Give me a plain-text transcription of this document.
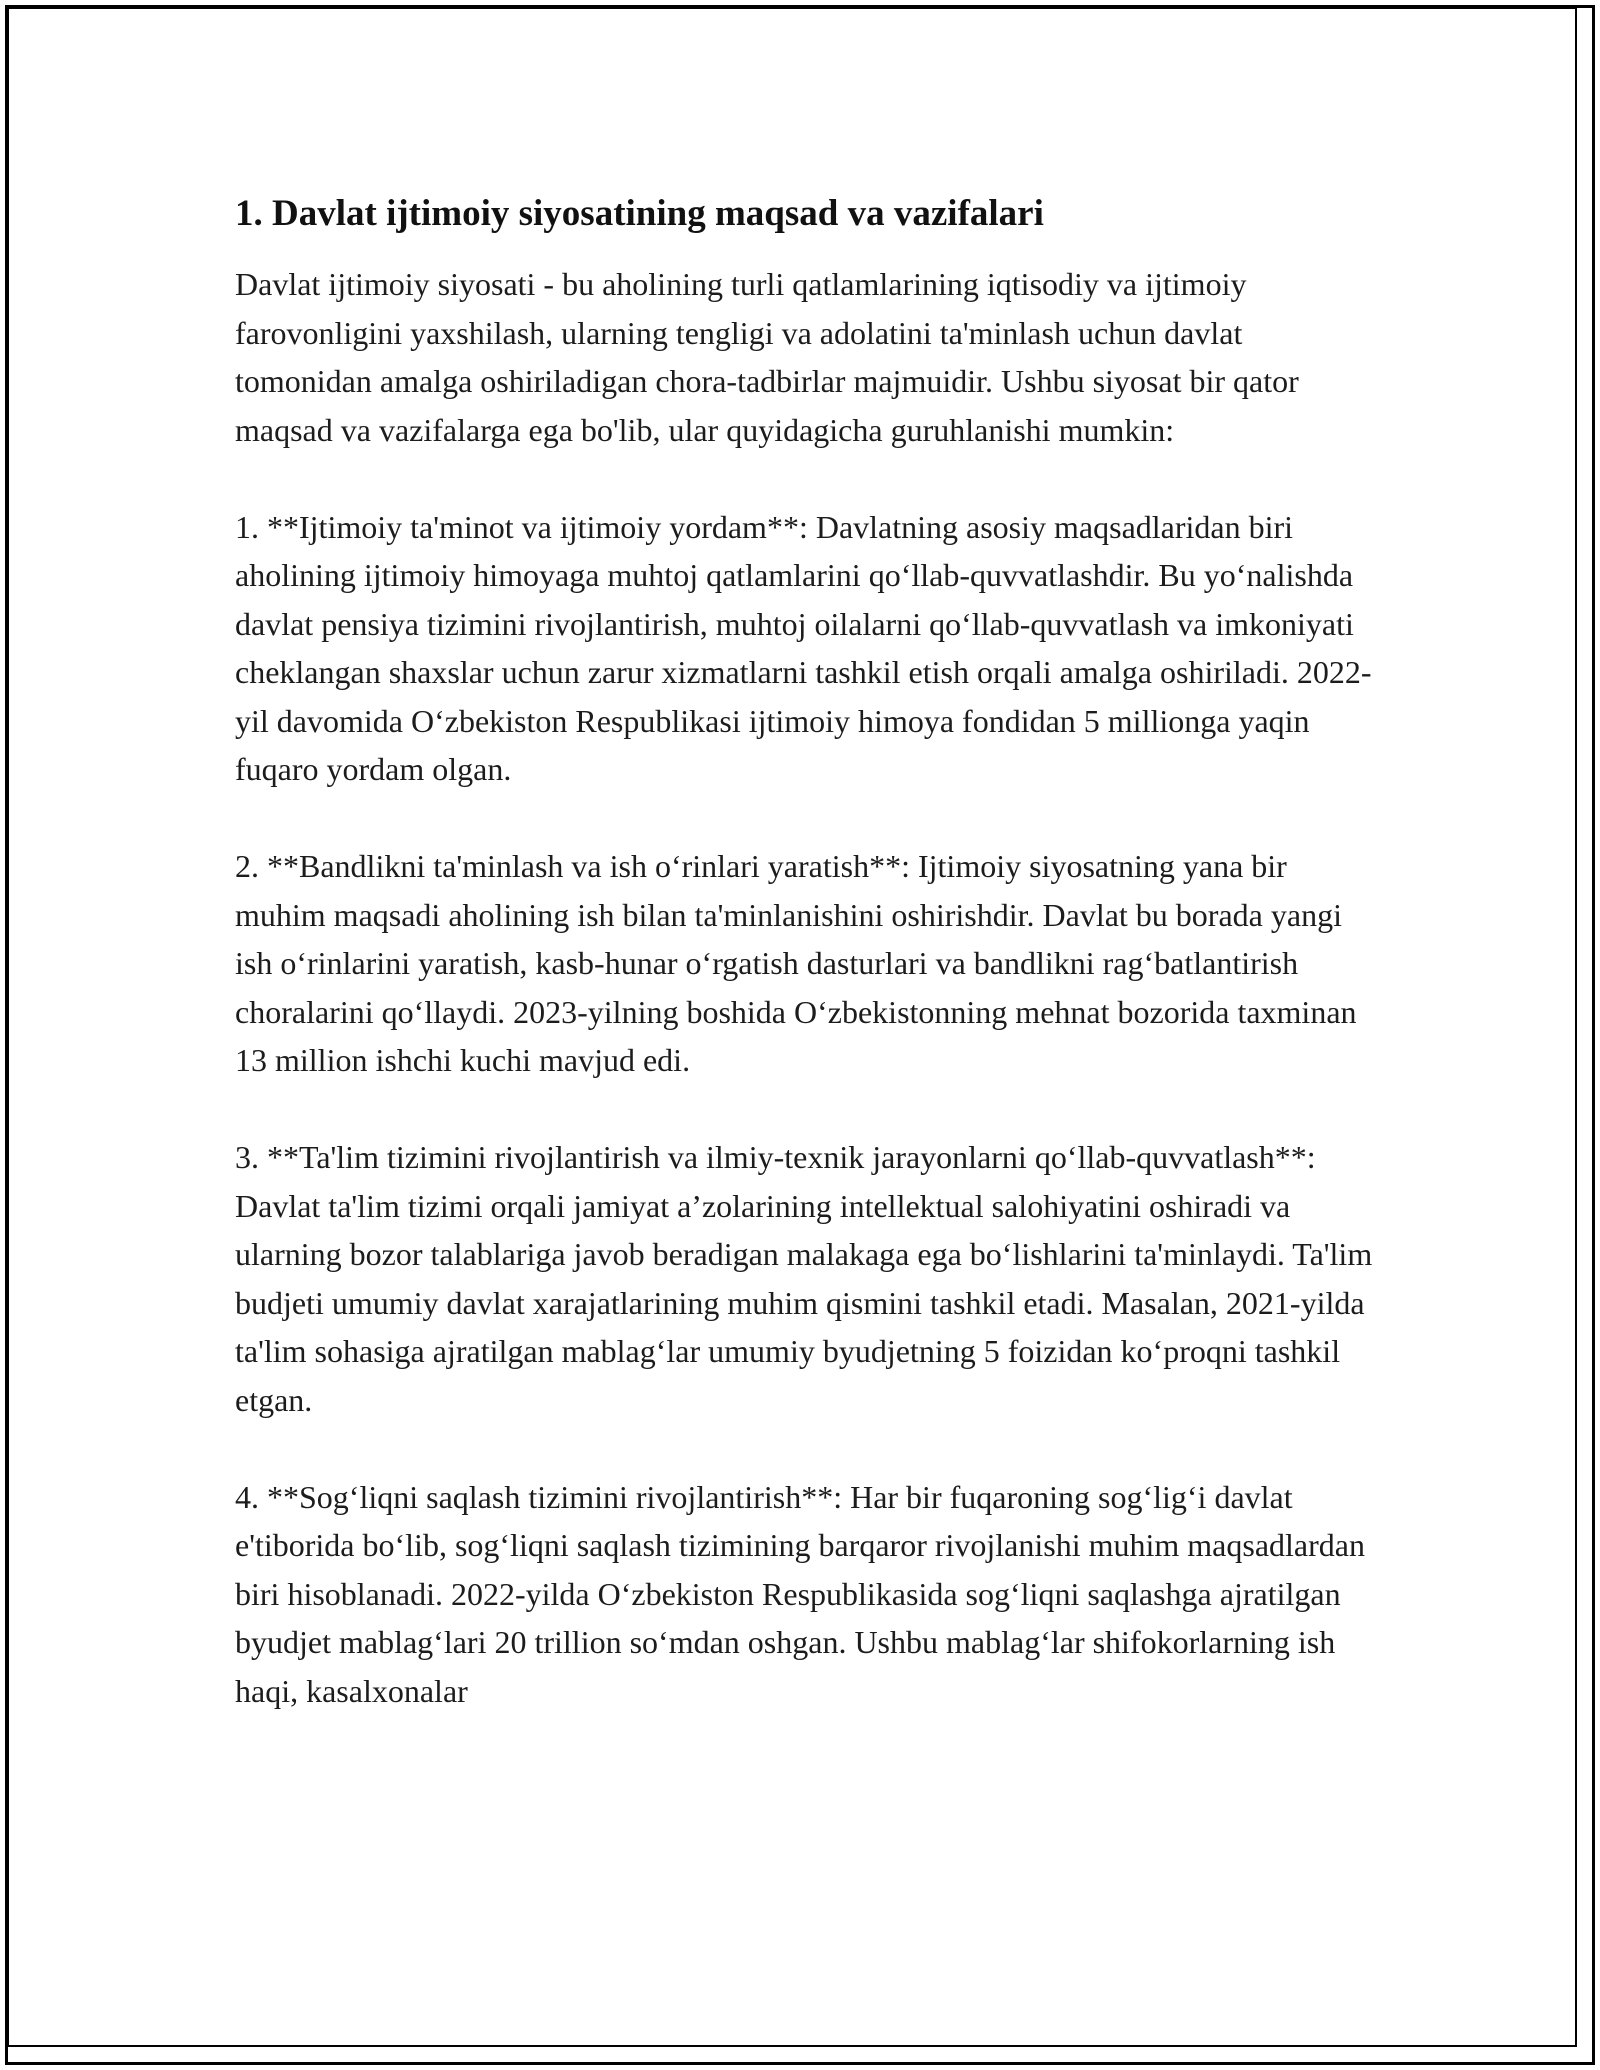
1. Davlat ijtimoiy siyosatining maqsad va vazifalari

Davlat ijtimoiy siyosati - bu aholining turli qatlamlarining iqtisodiy va ijtimoiy farovonligini yaxshilash, ularning tengligi va adolatini ta'minlash uchun davlat tomonidan amalga oshiriladigan chora-tadbirlar majmuidir. Ushbu siyosat bir qator maqsad va vazifalarga ega bo'lib, ular quyidagicha guruhlanishi mumkin:

1. **Ijtimoiy ta'minot va ijtimoiy yordam**: Davlatning asosiy maqsadlaridan biri aholining ijtimoiy himoyaga muhtoj qatlamlarini qo‘llab-quvvatlashdir. Bu yo‘nalishda davlat pensiya tizimini rivojlantirish, muhtoj oilalarni qo‘llab-quvvatlash va imkoniyati cheklangan shaxslar uchun zarur xizmatlarni tashkil etish orqali amalga oshiriladi. 2022-yil davomida O‘zbekiston Respublikasi ijtimoiy himoya fondidan 5 millionga yaqin fuqaro yordam olgan.

2. **Bandlikni ta'minlash va ish o‘rinlari yaratish**: Ijtimoiy siyosatning yana bir muhim maqsadi aholining ish bilan ta'minlanishini oshirishdir. Davlat bu borada yangi ish o‘rinlarini yaratish, kasb-hunar o‘rgatish dasturlari va bandlikni rag‘batlantirish choralarini qo‘llaydi. 2023-yilning boshida O‘zbekistonning mehnat bozorida taxminan 13 million ishchi kuchi mavjud edi.

3. **Ta'lim tizimini rivojlantirish va ilmiy-texnik jarayonlarni qo‘llab-quvvatlash**: Davlat ta'lim tizimi orqali jamiyat a’zolarining intellektual salohiyatini oshiradi va ularning bozor talablariga javob beradigan malakaga ega bo‘lishlarini ta'minlaydi. Ta'lim budjeti umumiy davlat xarajatlarining muhim qismini tashkil etadi. Masalan, 2021-yilda ta'lim sohasiga ajratilgan mablag‘lar umumiy byudjetning 5 foizidan ko‘proqni tashkil etgan.

4. **Sog‘liqni saqlash tizimini rivojlantirish**: Har bir fuqaroning sog‘lig‘i davlat e'tiborida bo‘lib, sog‘liqni saqlash tizimining barqaror rivojlanishi muhim maqsadlardan biri hisoblanadi. 2022-yilda O‘zbekiston Respublikasida sog‘liqni saqlashga ajratilgan byudjet mablag‘lari 20 trillion so‘mdan oshgan. Ushbu mablag‘lar shifokorlarning ish haqi, kasalxonalar
